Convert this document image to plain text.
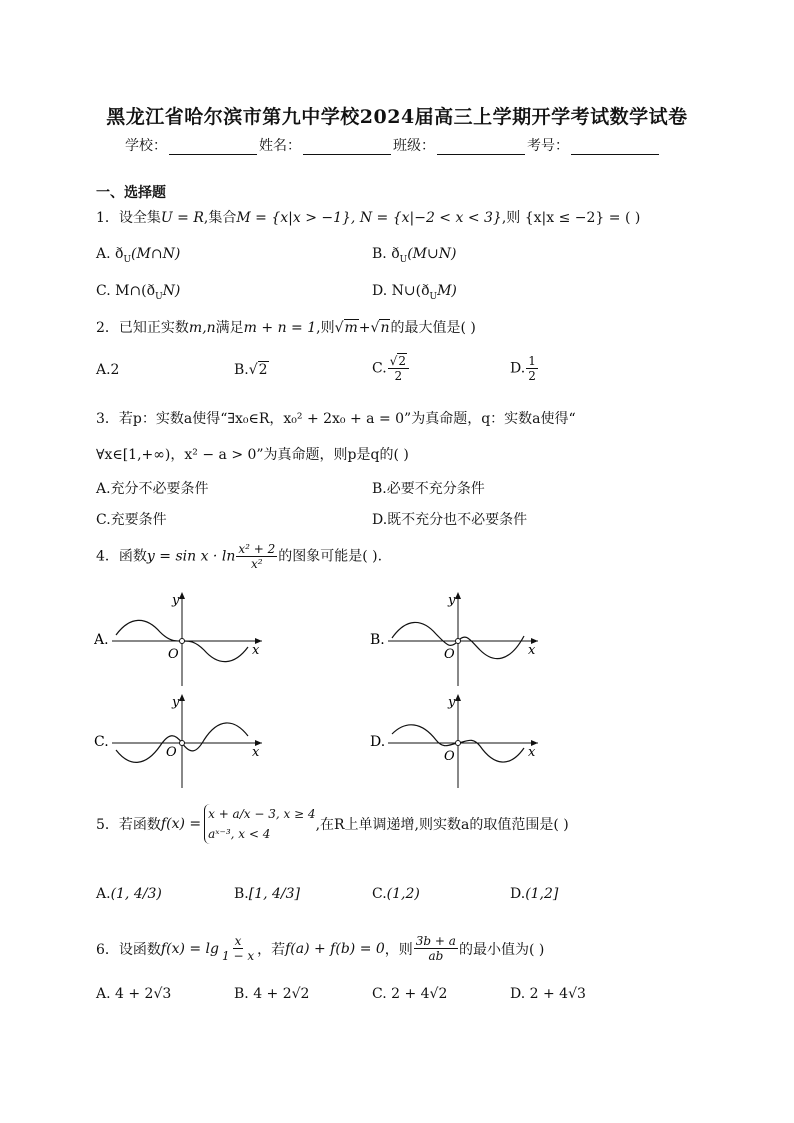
黑龙江省哈尔滨市第九中学校2024届高三上学期开学考试数学试卷
学校：	姓名：	班级：	考号：
一、选择题
1．设全集U = R,集合M = {x|x > −1}, N = {x|−2 < x < 3},则 {x|x ≤ −2} = ( )
A. $ð_U(M\cap N)$	B. $ð_U(M\cup N)$
C. $M\cap(ð_UN)$	D. $N\cup(ð_UM)$
2．已知正实数m,n满足m + n = 1,则√m+√n的最大值是( )
A.2	B.√2	C. $\frac{√2}{2}$	D. $\frac{1}{2}$
3．若p：实数a使得“∃x₀∈R，x₀² + 2x₀ + a = 0”为真命题，q：实数a使得“
∀x∈[1,+∞)，x² − a > 0”为真命题，则p是q的( )
A.充分不必要条件	B.必要不充分条件
C.充要条件	D.既不充分也不必要条件
4．函数$y = \sin x \cdot \ln \frac{\text{x² + 2}}{\text{x²}}$ 的图象可能是( ).
A.
O
y
x
B.
O
y
x
C.
O
y
x
D.
O
y
x
5．若函数 f(x) =
x + a/x − 3, x ≥ 4
aˣ⁻³, x < 4
,在R上单调递增,则实数a的取值范围是( )
A.(1, 4/3)	B.[1, 4/3]	C.(1,2)	D.(1,2]
6．设函数 $f(x) = \lg \frac{x}{1 - x}$ ，若 f(a) + f(b) = 0 ，则 $\frac{3b + a}{ab}$ 的最小值为( )
A. 4 + 2√3	B. 4 + 2√2	C. 2 + 4√2	D. 2 + 4√3
